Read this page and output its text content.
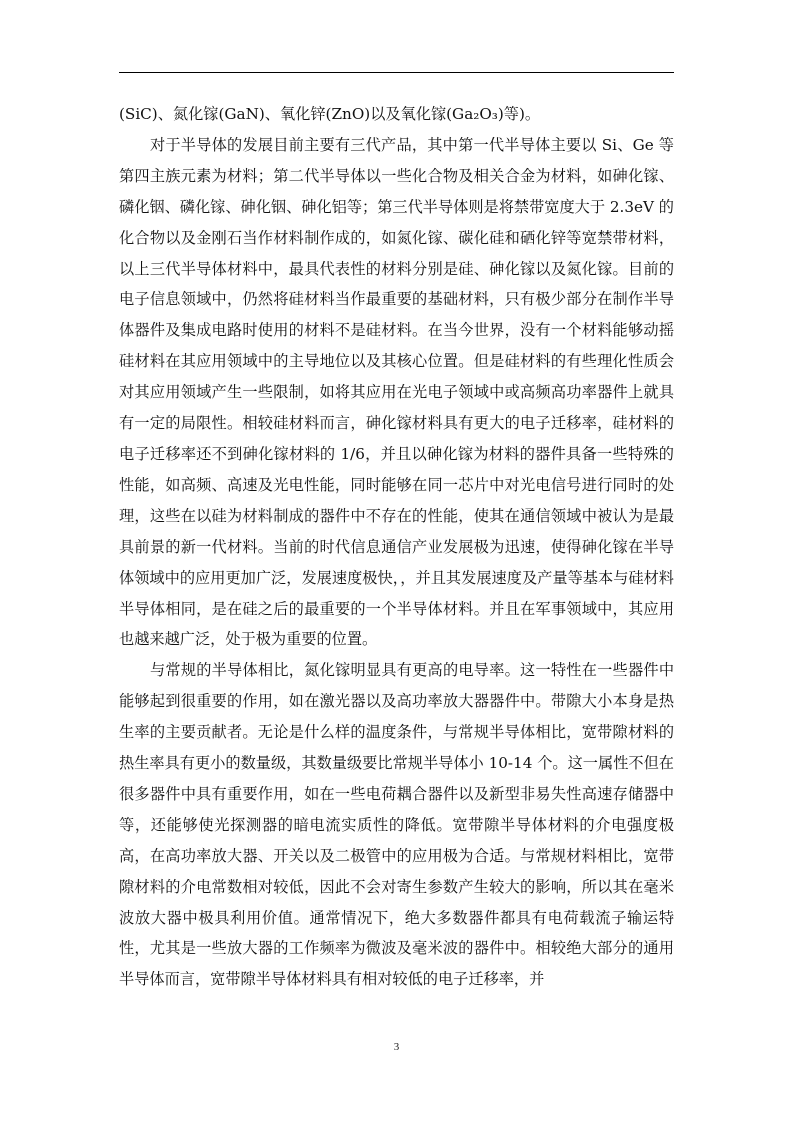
(SiC)、氮化镓(GaN)、氧化锌(ZnO)以及氧化镓(Ga₂O₃)等)。

对于半导体的发展目前主要有三代产品，其中第一代半导体主要以 Si、Ge 等第四主族元素为材料；第二代半导体以一些化合物及相关合金为材料，如砷化镓、磷化铟、磷化镓、砷化铟、砷化铝等；第三代半导体则是将禁带宽度大于 2.3eV 的化合物以及金刚石当作材料制作成的，如氮化镓、碳化硅和硒化锌等宽禁带材料，以上三代半导体材料中，最具代表性的材料分别是硅、砷化镓以及氮化镓。目前的电子信息领域中，仍然将硅材料当作最重要的基础材料，只有极少部分在制作半导体器件及集成电路时使用的材料不是硅材料。在当今世界，没有一个材料能够动摇硅材料在其应用领域中的主导地位以及其核心位置。但是硅材料的有些理化性质会对其应用领域产生一些限制，如将其应用在光电子领域中或高频高功率器件上就具有一定的局限性。相较硅材料而言，砷化镓材料具有更大的电子迁移率，硅材料的电子迁移率还不到砷化镓材料的 1/6，并且以砷化镓为材料的器件具备一些特殊的性能，如高频、高速及光电性能，同时能够在同一芯片中对光电信号进行同时的处理，这些在以硅为材料制成的器件中不存在的性能，使其在通信领域中被认为是最具前景的新一代材料。当前的时代信息通信产业发展极为迅速，使得砷化镓在半导体领域中的应用更加广泛，发展速度极快，，并且其发展速度及产量等基本与硅材料半导体相同，是在硅之后的最重要的一个半导体材料。并且在军事领域中，其应用也越来越广泛，处于极为重要的位置。

与常规的半导体相比，氮化镓明显具有更高的电导率。这一特性在一些器件中能够起到很重要的作用，如在激光器以及高功率放大器器件中。带隙大小本身是热生率的主要贡献者。无论是什么样的温度条件，与常规半导体相比，宽带隙材料的热生率具有更小的数量级，其数量级要比常规半导体小 10-14 个。这一属性不但在很多器件中具有重要作用，如在一些电荷耦合器件以及新型非易失性高速存储器中等，还能够使光探测器的暗电流实质性的降低。宽带隙半导体材料的介电强度极高，在高功率放大器、开关以及二极管中的应用极为合适。与常规材料相比，宽带隙材料的介电常数相对较低，因此不会对寄生参数产生较大的影响，所以其在毫米波放大器中极具利用价值。通常情况下，绝大多数器件都具有电荷载流子输运特性，尤其是一些放大器的工作频率为微波及毫米波的器件中。相较绝大部分的通用半导体而言，宽带隙半导体材料具有相对较低的电子迁移率，并

3
